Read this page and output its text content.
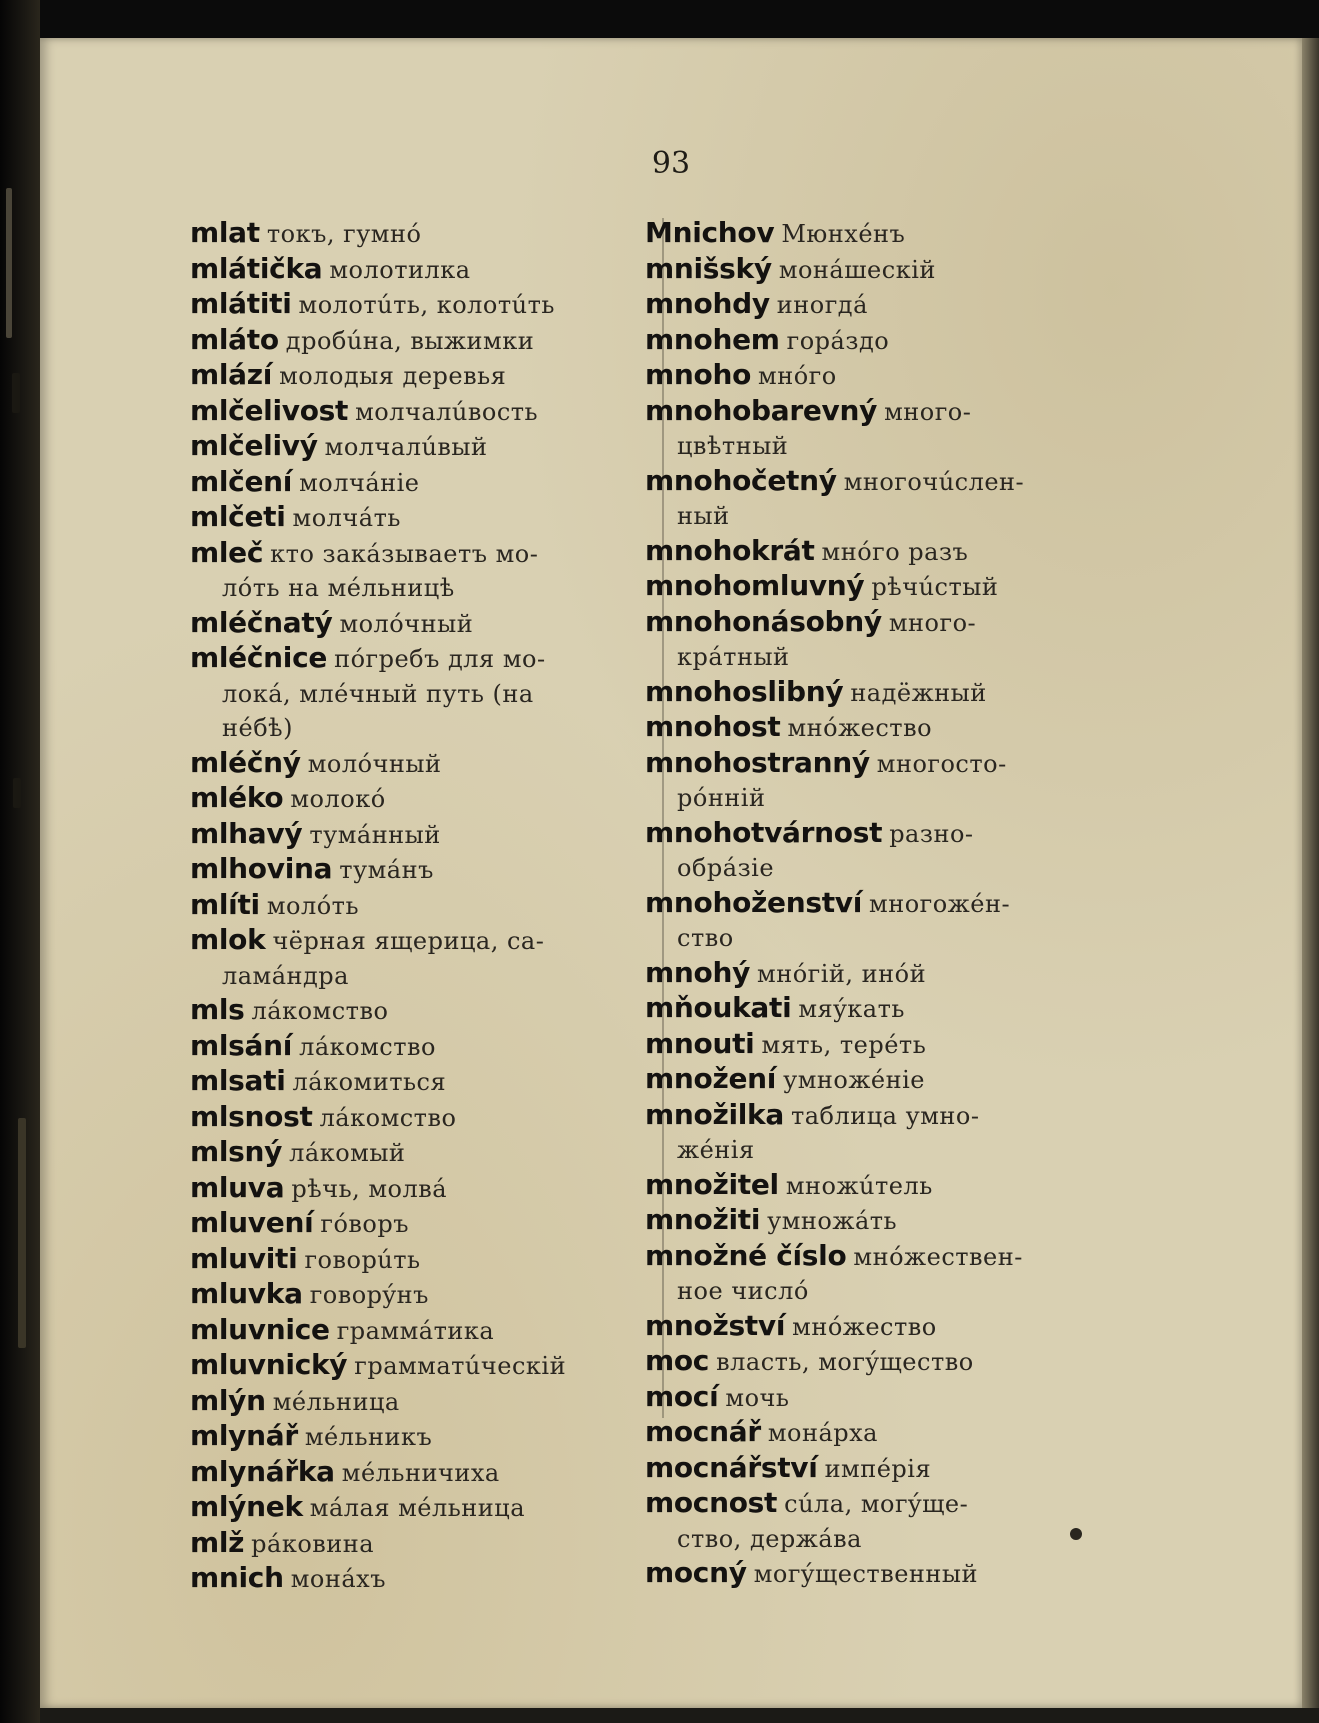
93
mlat токъ, гумнó
mlátička молотилка
mlátiti молотúть, колотúть
mláto дробúна, выжимки
mlází молодыя деревья
mlčelivost молчалúвость
mlčelivý молчалúвый
mlčení молчáніе
mlčeti молчáть
mleč кто закáзываетъ мо-
лóть на мéльницѣ
mléčnatý молóчный
mléčnice пóгребъ для мо-
локá, млéчный путь (на
нéбѣ)
mléčný молóчный
mléko молокó
mlhavý тумáнный
mlhovina тумáнъ
mlíti молóть
mlok чёрная ящерица, са-
лaмáндра
mls лáкомство
mlsání лáкомство
mlsati лáкомиться
mlsnost лáкомство
mlsný лáкомый
mluva рѣчь, молвá
mluvení гóворъ
mluviti говорúть
mluvka говорýнъ
mluvnice граммáтика
mluvnický грамматúческій
mlýn мéльница
mlynář мéльникъ
mlynářka мéльничиха
mlýnek мáлая мéльница
mlž рáковина
mnich монáхъ
Mnichov Мюнхéнъ
mnišský монáшескій
mnohdy инοгдá
mnohem горáздо
mnoho мнóго
mnohobarevný много-
цвѣтный
mnohočetný многочúслен-
ный
mnohokrát мнóго разъ
mnohomluvný рѣчúстый
mnohonásobný много-
крáтный
mnohoslibný надёжный
mnohost мнóжество
mnohostranný многосто-
рóнній
mnohotvárnost разно-
обрáзіе
mnohoženství многожéн-
ство
mnohý мнóгій, инóй
mňoukati мяýкать
mnouti мять, терéть
množení умножéніе
množilka таблица умно-
жéнія
množitel множúтель
množiti умножáть
množné číslo мнóжествен-
ное числó
množství мнóжество
moc власть, могýщество
mocí мочь
mocnář монáрха
mocnářství импéрія
mocnost сúла, могýще-
ство, держáва
mocný могýщественный
